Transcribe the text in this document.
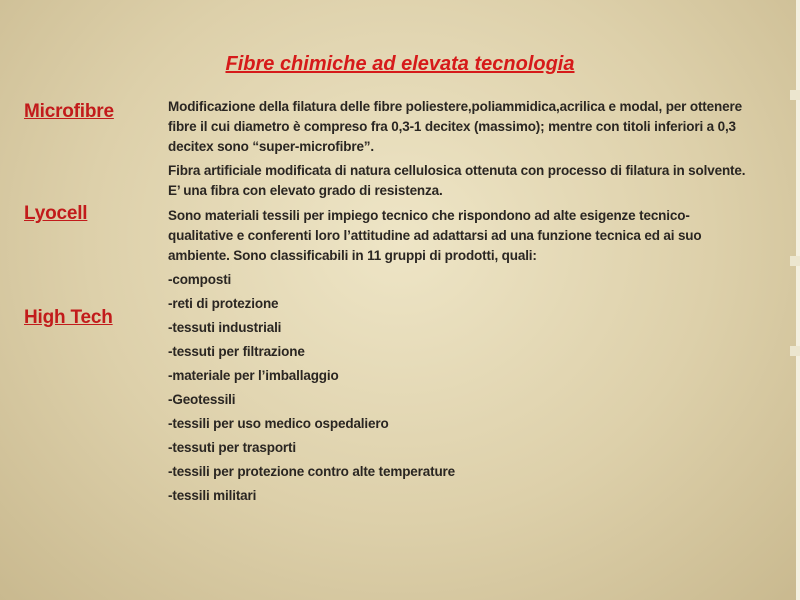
Fibre chimiche ad elevata tecnologia
Microfibre
Lyocell
High Tech

Modificazione della filatura delle fibre poliestere,poliammidica,acrilica e modal, per ottenere

fibre il cui diametro è compreso fra 0,3-1 decitex (massimo); mentre con titoli inferiori a 0,3

decitex sono “super-microfibre”.

Fibra artificiale modificata di natura cellulosica ottenuta con processo di filatura in solvente.

E’ una fibra con elevato grado di resistenza.

Sono materiali tessili per impiego tecnico che rispondono ad alte esigenze tecnico-

qualitative e conferenti loro l’attitudine ad adattarsi ad una funzione tecnica ed ai suo

ambiente. Sono classificabili in 11 gruppi di prodotti, quali:

-composti
-reti di protezione
-tessuti industriali
-tessuti per filtrazione
-materiale per l’imballaggio
-Geotessili
-tessili per uso medico ospedaliero
-tessuti per trasporti
-tessili per protezione contro alte temperature
-tessili militari
